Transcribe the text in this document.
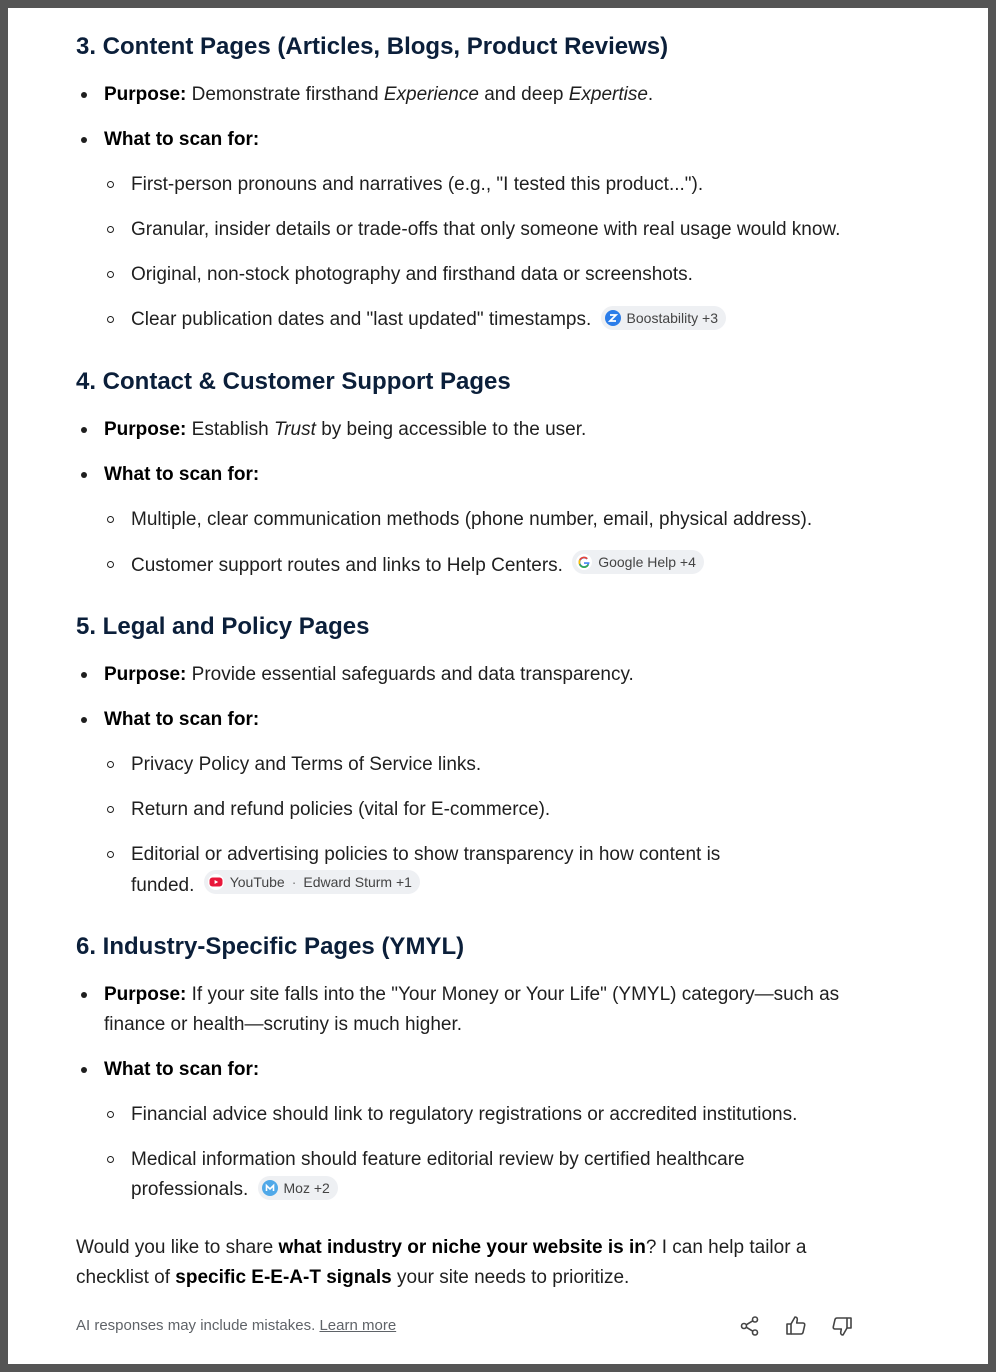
3. Content Pages (Articles, Blogs, Product Reviews)
Purpose: Demonstrate firsthand Experience and deep Expertise.
What to scan for:
First-person pronouns and narratives (e.g., "I tested this product...").
Granular, insider details or trade-offs that only someone with real usage would know.
Original, non-stock photography and firsthand data or screenshots.
Clear publication dates and "last updated" timestamps.	Boostability +3
4. Contact & Customer Support Pages
Purpose: Establish Trust by being accessible to the user.
What to scan for:
Multiple, clear communication methods (phone number, email, physical address).
Customer support routes and links to Help Centers.	Google Help +4
5. Legal and Policy Pages
Purpose: Provide essential safeguards and data transparency.
What to scan for:
Privacy Policy and Terms of Service links.
Return and refund policies (vital for E-commerce).
Editorial or advertising policies to show transparency in how content is
funded.	YouTube · Edward Sturm +1
6. Industry-Specific Pages (YMYL)
Purpose: If your site falls into the "Your Money or Your Life" (YMYL) category—such as
finance or health—scrutiny is much higher.
What to scan for:
Financial advice should link to regulatory registrations or accredited institutions.
Medical information should feature editorial review by certified healthcare
professionals.	Moz +2
Would you like to share what industry or niche your website is in? I can help tailor a
checklist of specific E-E-A-T signals your site needs to prioritize.
AI responses may include mistakes. Learn more
